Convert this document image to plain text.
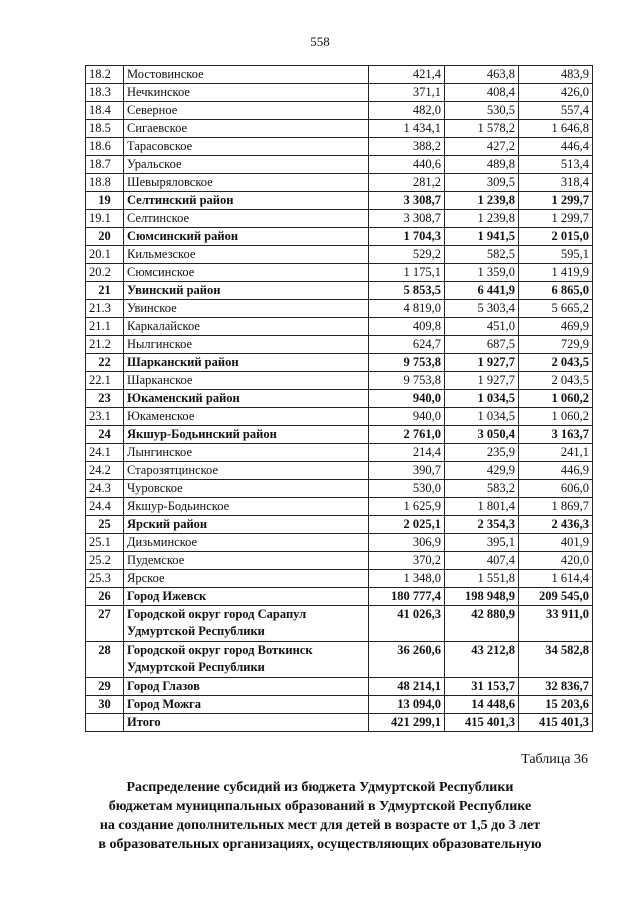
558
18.2	Мостовинское	421,4	463,8	483,9
18.3	Нечкинское	371,1	408,4	426,0
18.4	Северное	482,0	530,5	557,4
18.5	Сигаевское	1 434,1	1 578,2	1 646,8
18.6	Тарасовское	388,2	427,2	446,4
18.7	Уральское	440,6	489,8	513,4
18.8	Шевыряловское	281,2	309,5	318,4
19	Селтинский район	3 308,7	1 239,8	1 299,7
19.1	Селтинское	3 308,7	1 239,8	1 299,7
20	Сюмсинский район	1 704,3	1 941,5	2 015,0
20.1	Кильмезское	529,2	582,5	595,1
20.2	Сюмсинское	1 175,1	1 359,0	1 419,9
21	Увинский район	5 853,5	6 441,9	6 865,0
21.3	Увинское	4 819,0	5 303,4	5 665,2
21.1	Каркалайское	409,8	451,0	469,9
21.2	Нылгинское	624,7	687,5	729,9
22	Шарканский район	9 753,8	1 927,7	2 043,5
22.1	Шарканское	9 753,8	1 927,7	2 043,5
23	Юкаменский район	940,0	1 034,5	1 060,2
23.1	Юкаменское	940,0	1 034,5	1 060,2
24	Якшур-Бодьинский район	2 761,0	3 050,4	3 163,7
24.1	Лынгинское	214,4	235,9	241,1
24.2	Старозятцинское	390,7	429,9	446,9
24.3	Чуровское	530,0	583,2	606,0
24.4	Якшур-Бодьинское	1 625,9	1 801,4	1 869,7
25	Ярский район	2 025,1	2 354,3	2 436,3
25.1	Дизьминское	306,9	395,1	401,9
25.2	Пудемское	370,2	407,4	420,0
25.3	Ярское	1 348,0	1 551,8	1 614,4
26	Город Ижевск	180 777,4	198 948,9	209 545,0
27	Городской округ город Сарапул Удмуртской Республики	41 026,3	42 880,9	33 911,0
28	Городской округ город Воткинск Удмуртской Республики	36 260,6	43 212,8	34 582,8
29	Город Глазов	48 214,1	31 153,7	32 836,7
30	Город Можга	13 094,0	14 448,6	15 203,6
	Итого	421 299,1	415 401,3	415 401,3
Таблица 36
Распределение субсидий из бюджета Удмуртской Республики
бюджетам муниципальных образований в Удмуртской Республике
на создание дополнительных мест для детей в возрасте от 1,5 до 3 лет
в образовательных организациях, осуществляющих образовательную
